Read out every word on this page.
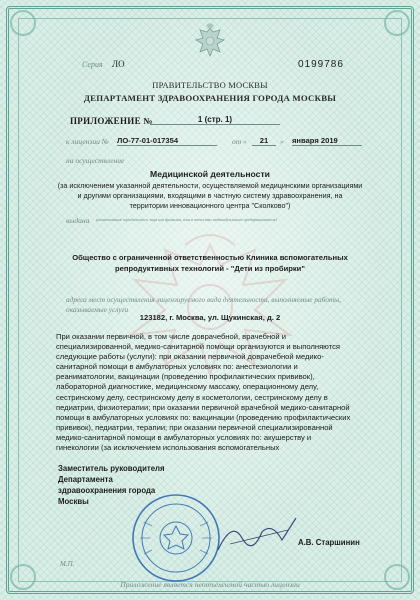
Серия ЛО	0199786
ПРАВИТЕЛЬСТВО МОСКВЫ
ДЕПАРТАМЕНТ ЗДРАВООХРАНЕНИЯ ГОРОДА МОСКВЫ
ПРИЛОЖЕНИЕ №	1 (стр. 1)
к лицензии № ЛО-77-01-017354	от «	21	» января 2019
на осуществление
Медицинской деятельности
(за исключением указанной деятельности, осуществляемой медицинскими организациями
и другими организациями, входящими в частную систему здравоохранения, на
территории инновационного центра "Сколково")
выдана (наименование юридического лица или фамилия, имя и отчество индивидуального предпринимателя)
Общество с ограниченной ответственностью Клиника вспомогательных
репродуктивных технологий - "Дети из пробирки"
адреса мест осуществления лицензируемого вида деятельности, выполняемые работы,
оказываемые услуги
123182, г. Москва, ул. Щукинская, д. 2
При оказании первичной, в том числе доврачебной, врачебной и
специализированной, медико-санитарной помощи организуются и выполняются
следующие работы (услуги): при оказании первичной доврачебной медико-
санитарной помощи в амбулаторных условиях по: анестезиологии и
реаниматологии, вакцинации (проведению профилактических прививок),
лабораторной диагностике, медицинскому массажу, операционному делу,
сестринскому делу, сестринскому делу в косметологии, сестринскому делу в
педиатрии, физиотерапии; при оказании первичной врачебной медико-санитарной
помощи в амбулаторных условиях по: вакцинации (проведению профилактических
прививок), педиатрии, терапии; при оказании первичной специализированной
медико-санитарной помощи в амбулаторных условиях по: акушерству и
гинекологии (за исключением использования вспомогательных
Заместитель руководителя
Департамента
здравоохранения города
Москвы
А.В. Старшинин
М.П.
Приложение является неотъемлемой частью лицензии
